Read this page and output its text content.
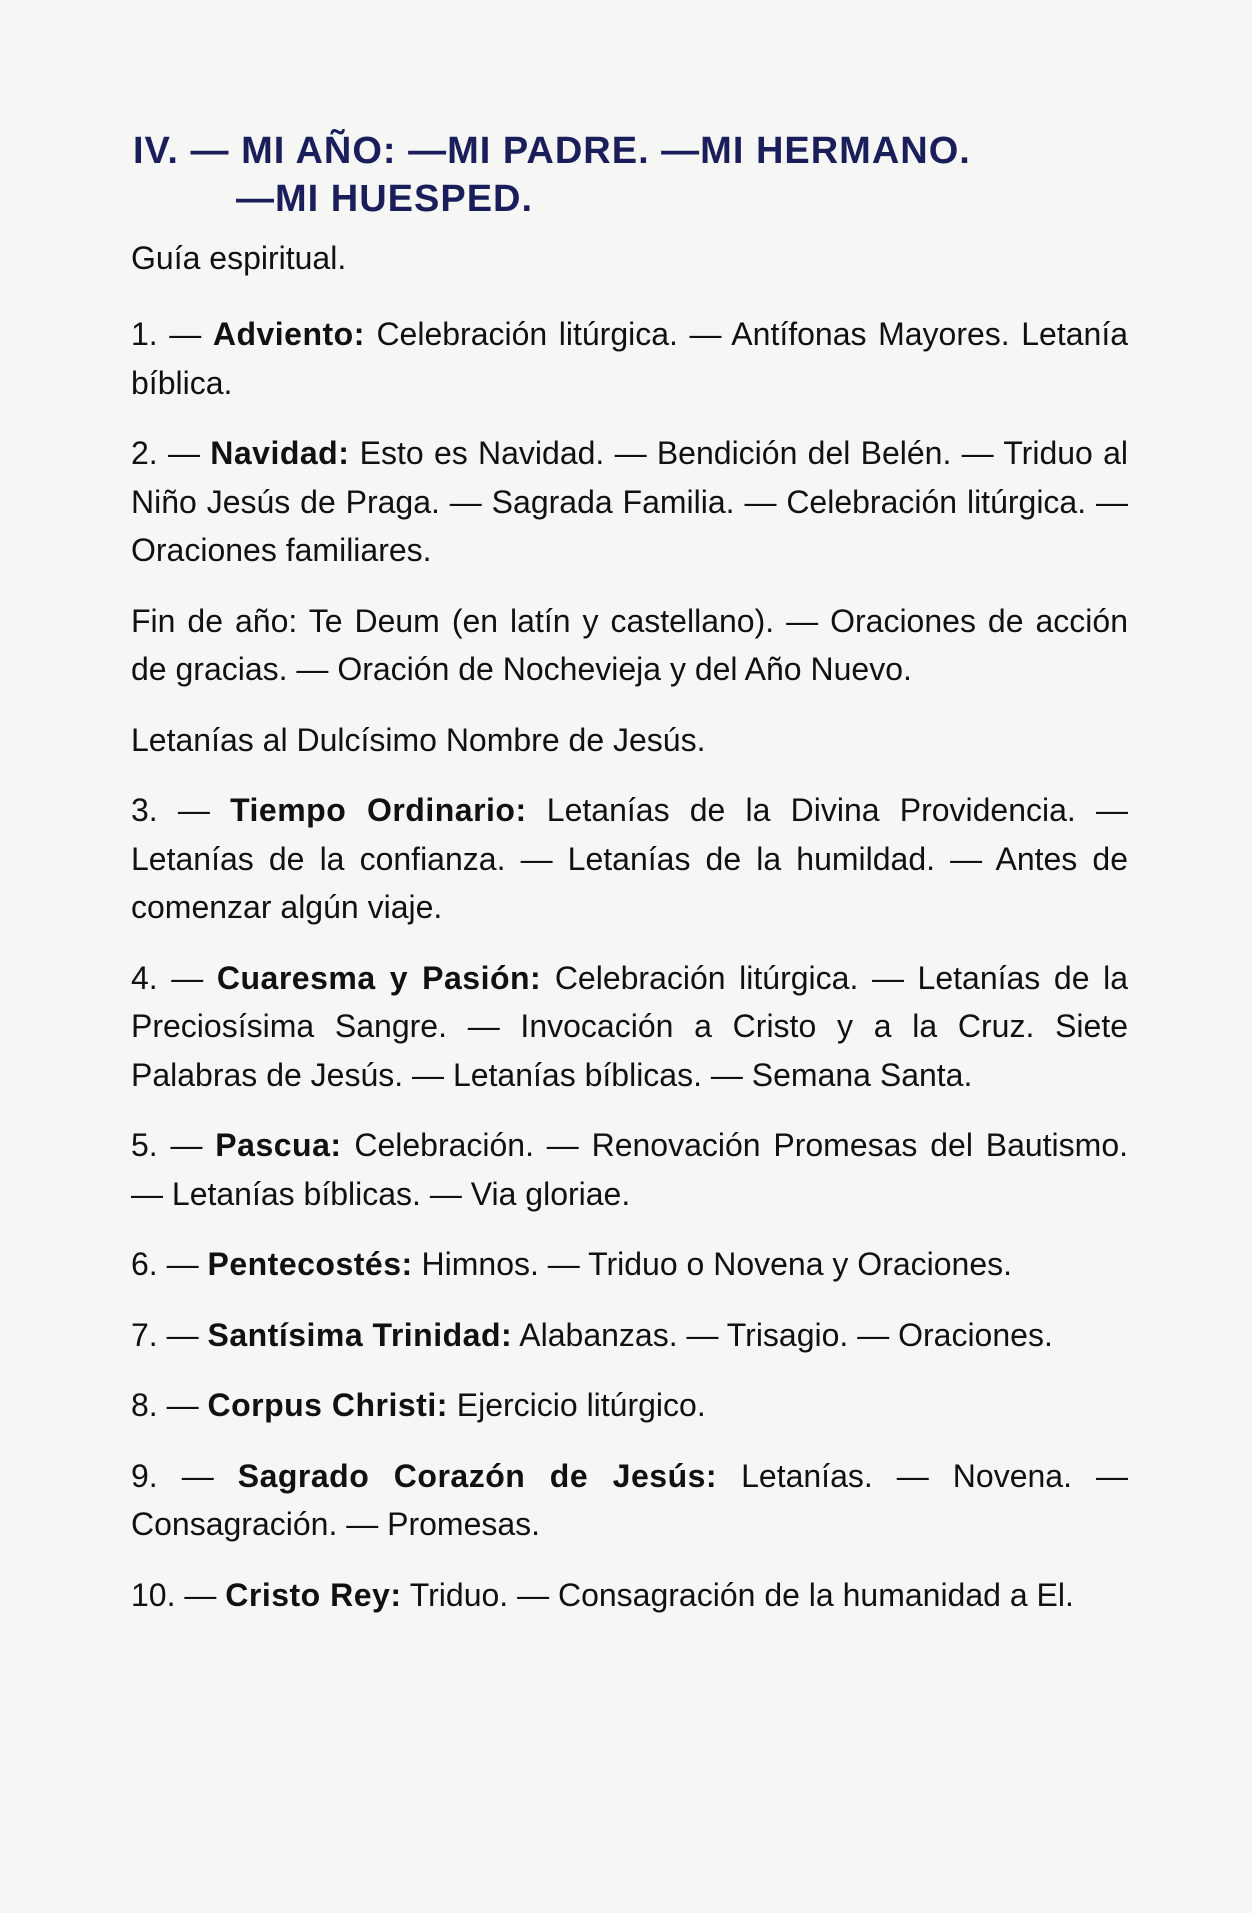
IV. — MI AÑO: —MI PADRE. —MI HERMANO.
—MI HUESPED.
Guía espiritual.

1. — Adviento: Celebración litúrgica. — Antífonas Mayores. Letanía bíblica.

2. — Navidad: Esto es Navidad. — Bendición del Belén. — Triduo al Niño Jesús de Praga. — Sagrada Familia. — Celebración litúrgica. — Oraciones familiares.

Fin de año: Te Deum (en latín y castellano). — Oraciones de acción de gracias. — Oración de Nochevieja y del Año Nuevo.

Letanías al Dulcísimo Nombre de Jesús.

3. — Tiempo Ordinario: Letanías de la Divina Providencia. — Letanías de la confianza. — Letanías de la humildad. — Antes de comenzar algún viaje.

4. — Cuaresma y Pasión: Celebración litúrgica. — Letanías de la Preciosísima Sangre. — Invocación a Cristo y a la Cruz. Siete Palabras de Jesús. — Letanías bíblicas. — Semana Santa.

5. — Pascua: Celebración. — Renovación Promesas del Bautismo. — Letanías bíblicas. — Via gloriae.

6. — Pentecostés: Himnos. — Triduo o Novena y Oraciones.

7. — Santísima Trinidad: Alabanzas. — Trisagio. — Oraciones.

8. — Corpus Christi: Ejercicio litúrgico.

9. — Sagrado Corazón de Jesús: Letanías. — Novena. — Consagración. — Promesas.

10. — Cristo Rey: Triduo. — Consagración de la humanidad a El.
